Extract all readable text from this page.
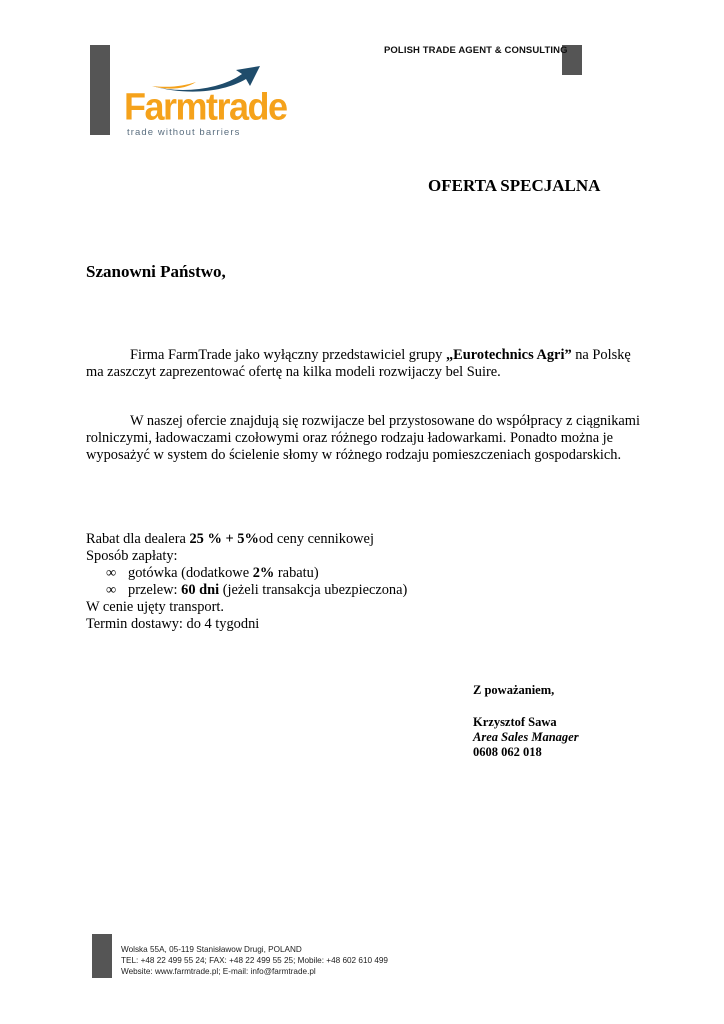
POLISH TRADE AGENT & CONSULTING
Farmtrade
trade without barriers
OFERTA SPECJALNA
Szanowni Państwo,
Firma FarmTrade jako wyłączny przedstawiciel grupy „Eurotechnics Agri” na Polskę ma zaszczyt zaprezentować ofertę na kilka modeli rozwijaczy bel Suire.
W naszej ofercie znajdują się rozwijacze bel przystosowane do współpracy z ciągnikami rolniczymi, ładowaczami czołowymi oraz różnego rodzaju ładowarkami. Ponadto można je wyposażyć w system do ścielenie słomy w różnego rodzaju pomieszczeniach gospodarskich.
Rabat dla dealera 25 % + 5%od ceny cennikowej
Sposób zapłaty:
∞ gotówka (dodatkowe 2% rabatu)
∞ przelew: 60 dni (jeżeli transakcja ubezpieczona)
W cenie ujęty transport.
Termin dostawy: do 4 tygodni
Z poważaniem,
Krzysztof Sawa
Area Sales Manager
0608 062 018
Wolska 55A, 05-119 Stanisławow Drugi, POLAND
TEL: +48 22 499 55 24; FAX: +48 22 499 55 25; Mobile: +48 602 610 499
Website: www.farmtrade.pl; E-mail: info@farmtrade.pl
